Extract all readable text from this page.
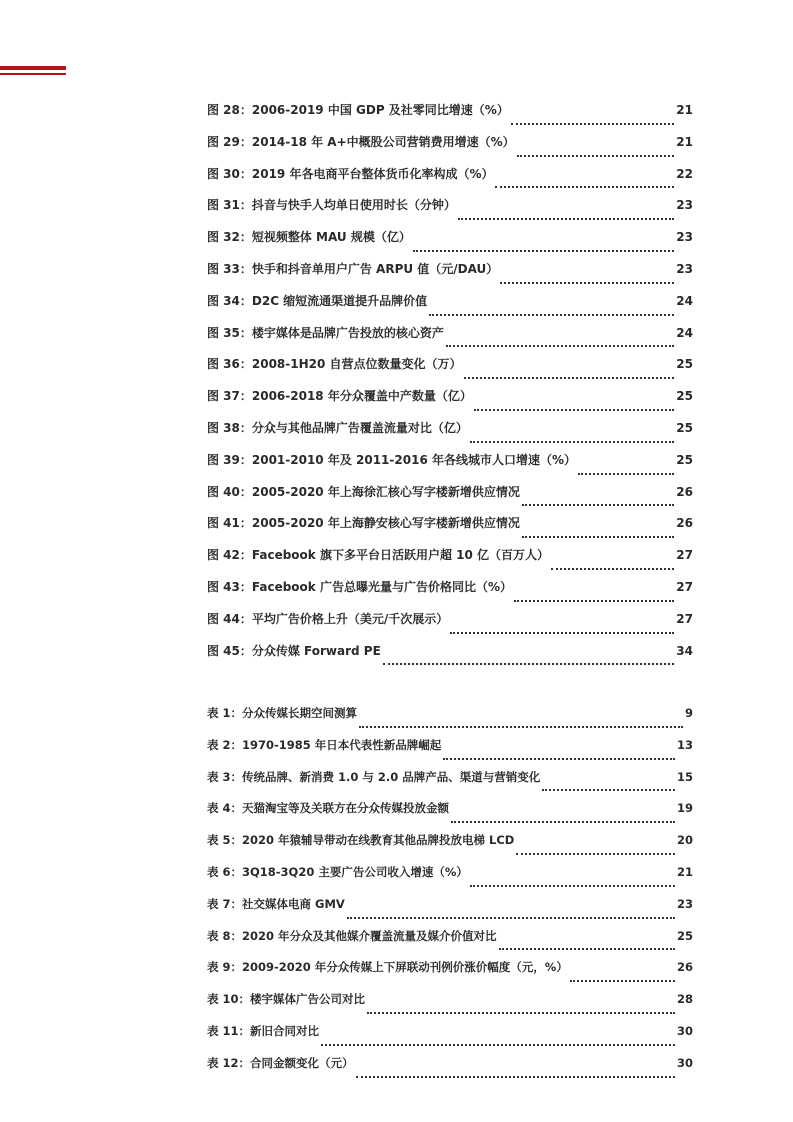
图 28：2006-2019 中国 GDP 及社零同比增速（%）	21
图 29：2014-18 年 A+中概股公司营销费用增速（%）	21
图 30：2019 年各电商平台整体货币化率构成（%）	22
图 31：抖音与快手人均单日使用时长（分钟）	23
图 32：短视频整体 MAU 规模（亿）	23
图 33：快手和抖音单用户广告 ARPU 值（元/DAU）	23
图 34：D2C 缩短流通渠道提升品牌价值	24
图 35：楼宇媒体是品牌广告投放的核心资产	24
图 36：2008-1H20 自营点位数量变化（万）	25
图 37：2006-2018 年分众覆盖中产数量（亿）	25
图 38：分众与其他品牌广告覆盖流量对比（亿）	25
图 39：2001-2010 年及 2011-2016 年各线城市人口增速（%）	25
图 40：2005-2020 年上海徐汇核心写字楼新增供应情况	26
图 41：2005-2020 年上海静安核心写字楼新增供应情况	26
图 42：Facebook 旗下多平台日活跃用户超 10 亿（百万人）	27
图 43：Facebook 广告总曝光量与广告价格同比（%）	27
图 44：平均广告价格上升（美元/千次展示）	27
图 45：分众传媒 Forward PE	34
表 1：分众传媒长期空间测算	9
表 2：1970-1985 年日本代表性新品牌崛起	13
表 3：传统品牌、新消费 1.0 与 2.0 品牌产品、渠道与营销变化	15
表 4：天猫淘宝等及关联方在分众传媒投放金额	19
表 5：2020 年猿辅导带动在线教育其他品牌投放电梯 LCD	20
表 6：3Q18-3Q20 主要广告公司收入增速（%）	21
表 7：社交媒体电商 GMV	23
表 8：2020 年分众及其他媒介覆盖流量及媒介价值对比	25
表 9：2009-2020 年分众传媒上下屏联动刊例价涨价幅度（元，%）	26
表 10：楼宇媒体广告公司对比	28
表 11：新旧合同对比	30
表 12：合同金额变化（元）	30
